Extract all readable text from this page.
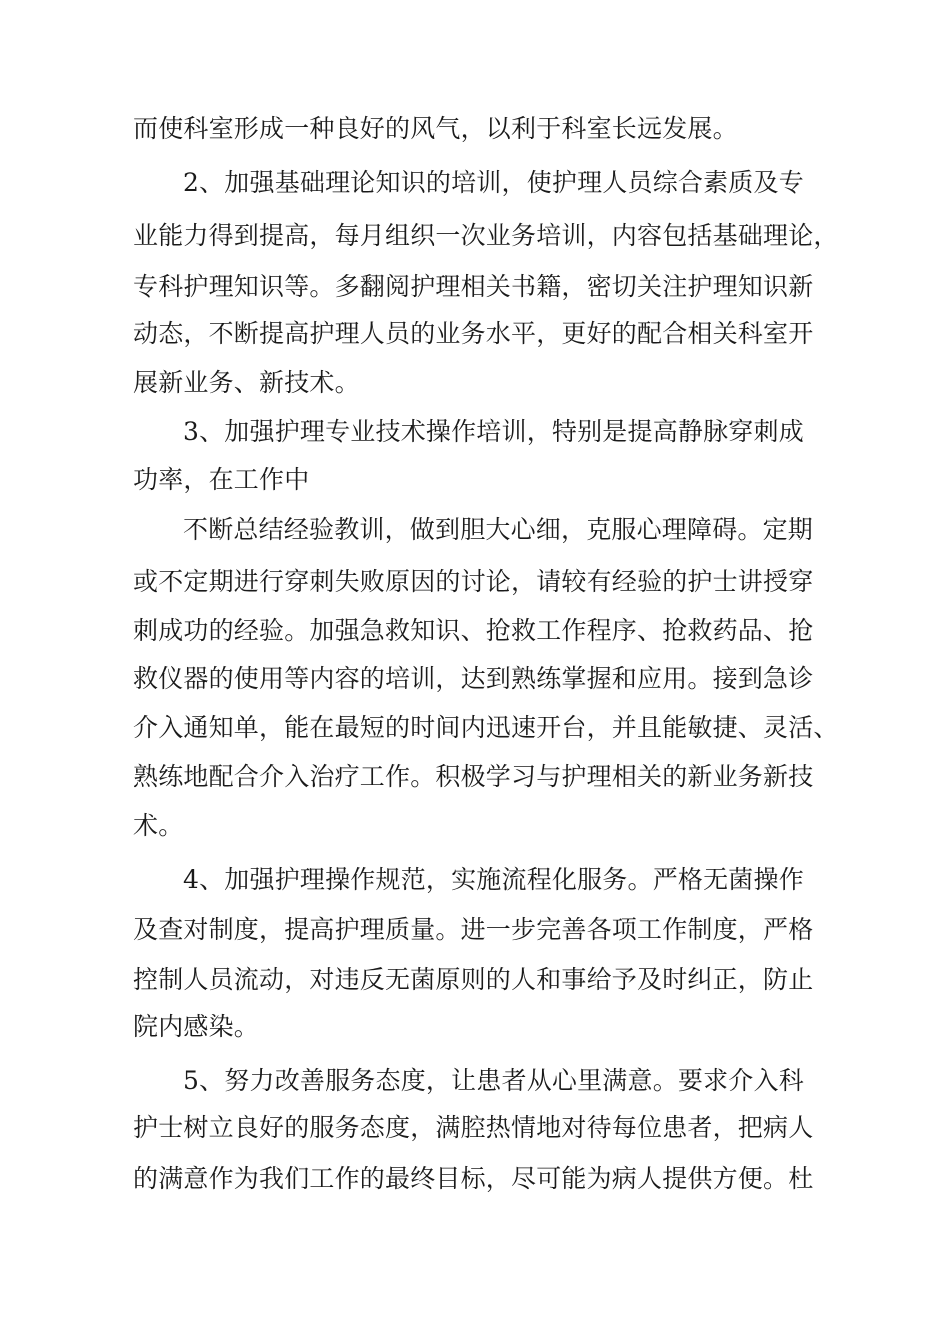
而使科室形成一种良好的风气，以利于科室长远发展。
2、加强基础理论知识的培训，使护理人员综合素质及专
业能力得到提高，每月组织一次业务培训，内容包括基础理论，
专科护理知识等。多翻阅护理相关书籍，密切关注护理知识新
动态，不断提高护理人员的业务水平，更好的配合相关科室开
展新业务、新技术。
3、加强护理专业技术操作培训，特别是提高静脉穿刺成
功率，在工作中
不断总结经验教训，做到胆大心细，克服心理障碍。定期
或不定期进行穿刺失败原因的讨论，请较有经验的护士讲授穿
刺成功的经验。加强急救知识、抢救工作程序、抢救药品、抢
救仪器的使用等内容的培训，达到熟练掌握和应用。接到急诊
介入通知单，能在最短的时间内迅速开台，并且能敏捷、灵活、
熟练地配合介入治疗工作。积极学习与护理相关的新业务新技
术。
4、加强护理操作规范，实施流程化服务。严格无菌操作
及查对制度，提高护理质量。进一步完善各项工作制度，严格
控制人员流动，对违反无菌原则的人和事给予及时纠正，防止
院内感染。
5、努力改善服务态度，让患者从心里满意。要求介入科
护士树立良好的服务态度，满腔热情地对待每位患者，把病人
的满意作为我们工作的最终目标，尽可能为病人提供方便。杜
